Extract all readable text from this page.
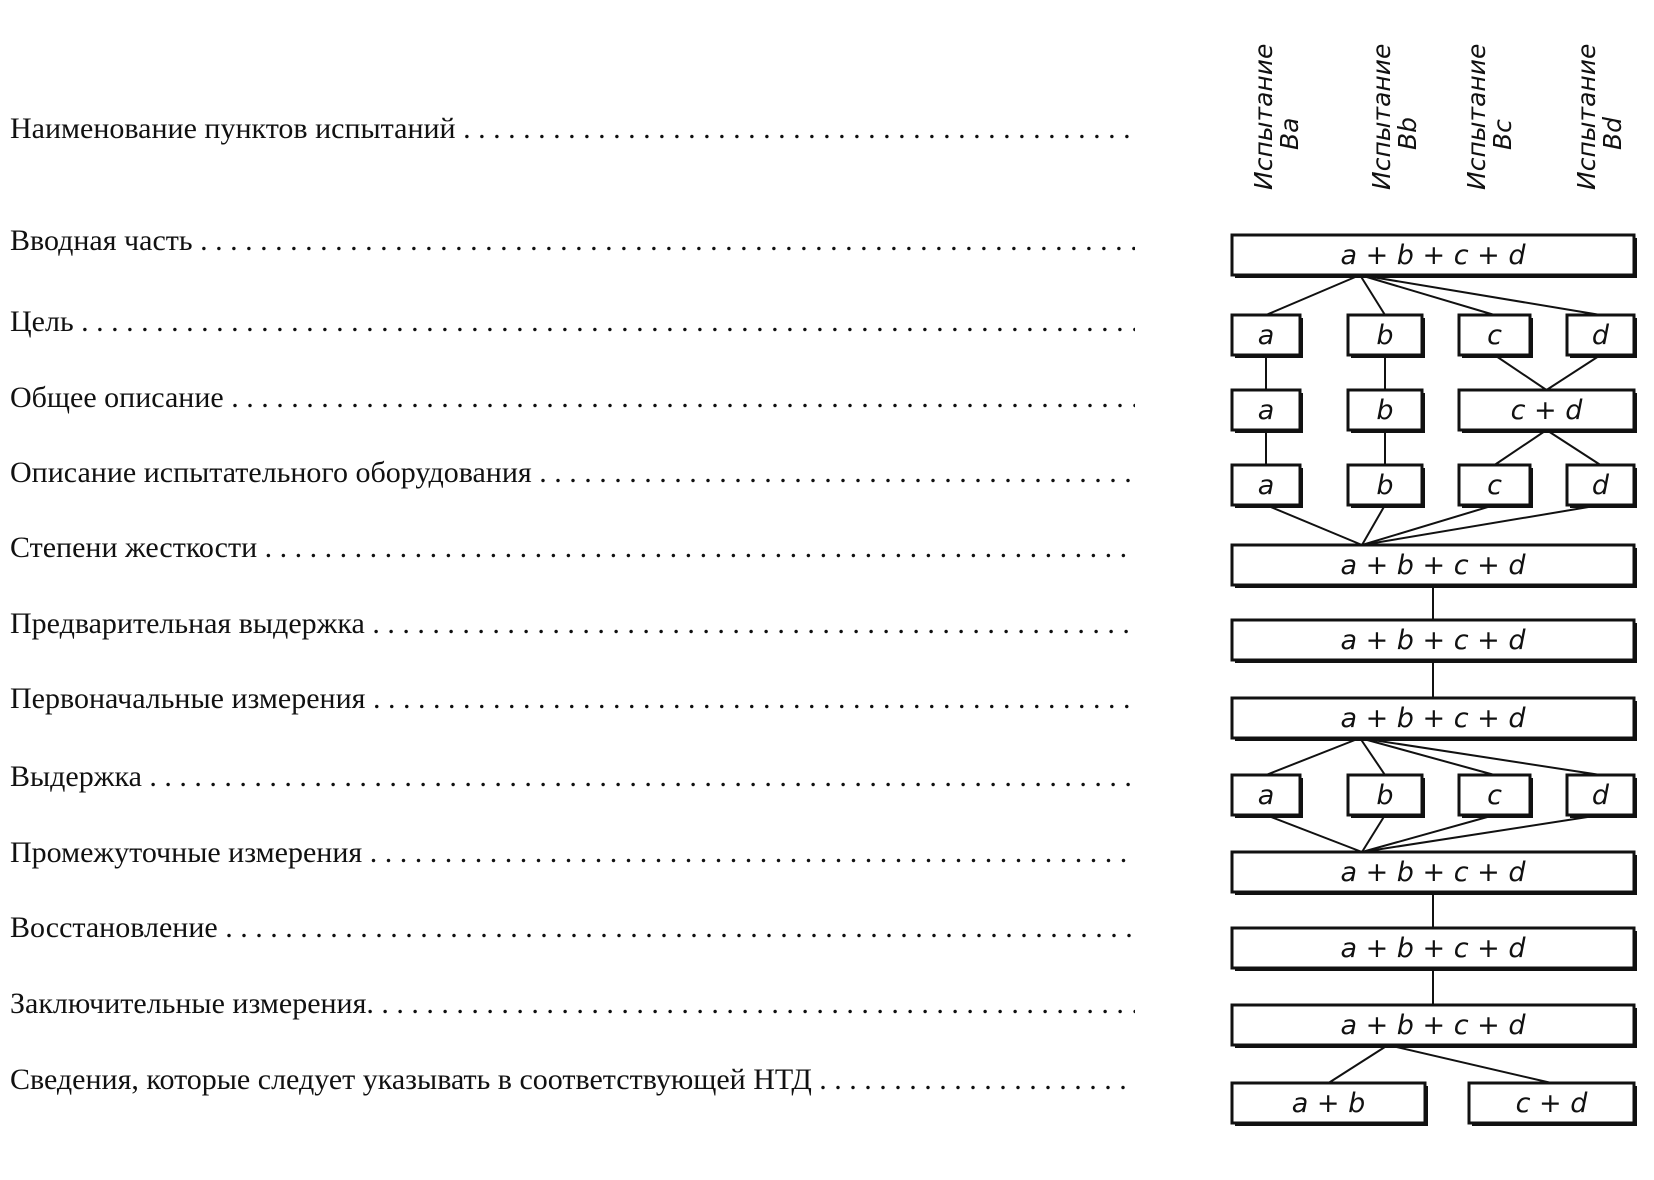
Наименование пунктов испытаний . . .
Вводная часть . . .
Цель . . .
Общее описание . . .
Описание испытательного оборудования . . .
Степени жесткости . . .
Предварительная выдержка . . .
Первоначальные измерения . . .
Выдержка . . .
Промежуточные измерения . . .
Восстановление . . .
Заключительные измерения. . . .
Сведения, которые следует указывать в соответствующей НТД . . .
Испытание
Ba	Испытание
Bb Испытание
Bc Испытание
Bd
a + b + c + d
a	b	c	d
a	b	c + d
a	b	c	d
a + b + c + d
a + b + c + d
a + b + c + d
a	b	c	d
a + b + c + d
a + b + c + d
a + b + c + d
a + b	c + d
